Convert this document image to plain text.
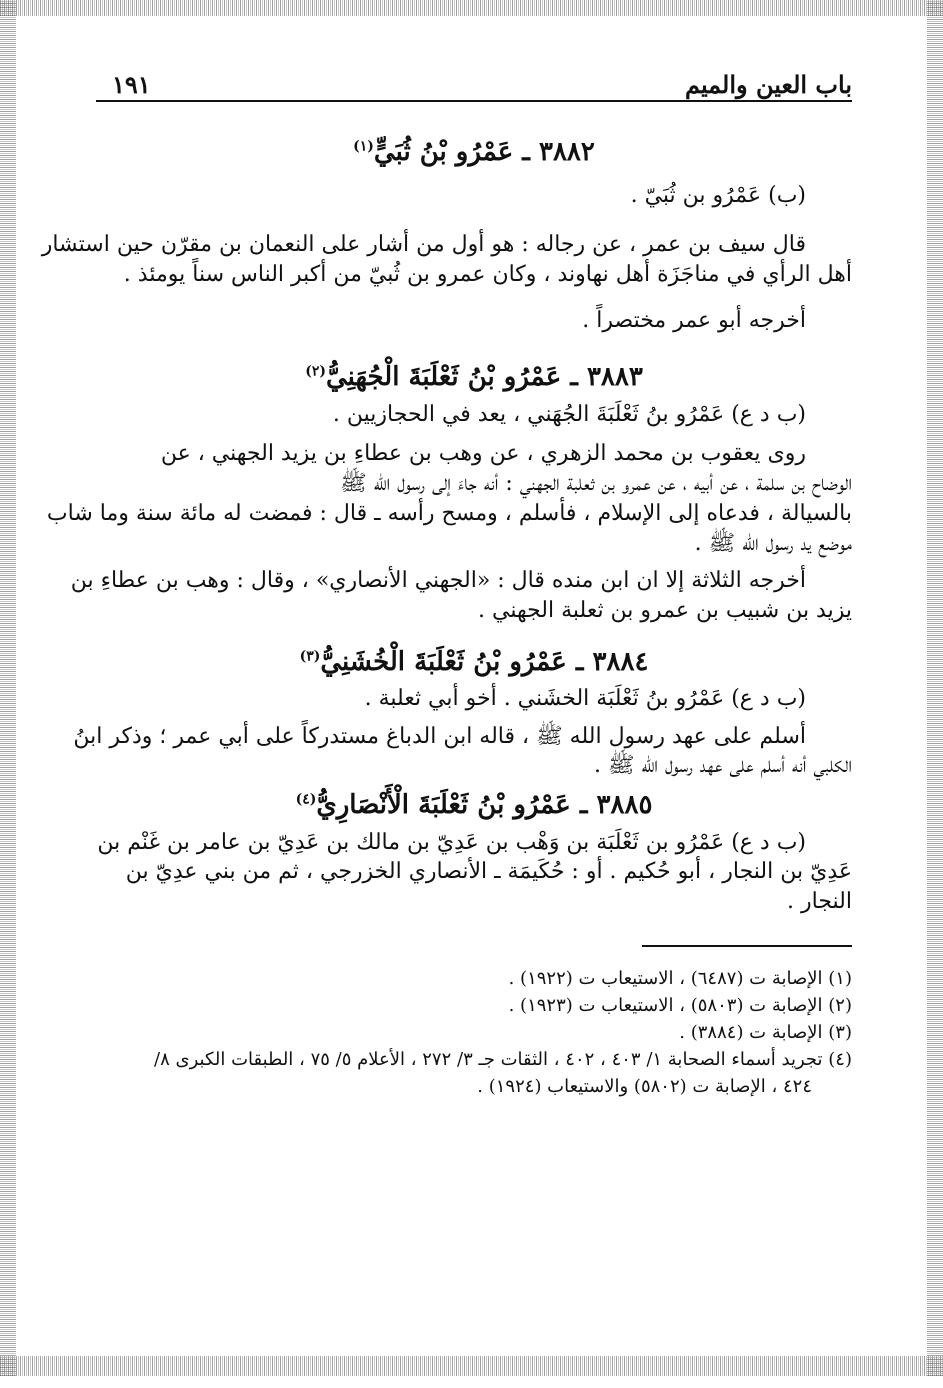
باب العين والميم
١٩١
٣٨٨٢ ـ عَمْرُو بْنُ ثُبَيٍّ$^{(١)}$
(ب) عَمْرُو بن ثُبَيّ .
قال سيف بن عمر ، عن رجاله : هو أول من أشار على النعمان بن مقرّن حين استشار
أهل الرأي في مناجَزَة أهل نهاوند ، وكان عمرو بن ثُبيّ من أكبر الناس سناً يومئذ .
أخرجه أبو عمر مختصراً .
٣٨٨٣ ـ عَمْرُو بْنُ ثَعْلَبَةَ الْجُهَنِيُّ$^{(٢)}$
(ب د ع) عَمْرُو بنُ ثَعْلَبَةَ الجُهَني ، يعد في الحجازيين .
روى يعقوب بن محمد الزهري ، عن وهب بن عطاءِ بن يزيد الجهني ، عن
الوضاح بن سلمة ، عن أبيه ، عن عمرو بن ثعلبة الجهني : أنه جاءَ إلى رسول الله ﷺ
بالسيالة ، فدعاه إلى الإسلام ، فأسلم ، ومسح رأسه ـ قال : فمضت له مائة سنة وما شاب
موضع يد رسول الله ﷺ .
أخرجه الثلاثة إلا ان ابن منده قال : «الجهني الأنصاري» ، وقال : وهب بن عطاءِ بن
يزيد بن شبيب بن عمرو بن ثعلبة الجهني .
٣٨٨٤ ـ عَمْرُو بْنُ ثَعْلَبَةَ الْخُشَنِيُّ$^{(٣)}$
(ب د ع) عَمْرُو بنُ ثَعْلَبَة الخشَني . أخو أبي ثعلبة .
أسلم على عهد رسول الله ﷺ ، قاله ابن الدباغ مستدركاً على أبي عمر ؛ وذكر ابنُ
الكلبي أنه أسلم على عهد رسول الله ﷺ .
٣٨٨٥ ـ عَمْرُو بْنُ ثَعْلَبَةَ الْأَنْصَارِيُّ$^{(٤)}$
(ب د ع) عَمْرُو بن ثَعْلَبَة بن وَهْب بن عَدِيّ بن مالك بن عَدِيّ بن عامر بن غَنْم بن
عَدِيّ بن النجار ، أبو حُكيم . أو : حُكَيمَة ـ الأنصاري الخزرجي ، ثم من بني عدِيّ بن
النجار .
(١) الإصابة ت (٦٤٨٧) ، الاستيعاب ت (١٩٢٢) .
(٢) الإصابة ت (٥٨٠٣) ، الاستيعاب ت (١٩٢٣) .
(٣) الإصابة ت (٣٨٨٤) .
(٤) تجريد أسماء الصحابة ١/ ٤٠٣ ، ٤٠٢ ، الثقات جـ ٣/ ٢٧٢ ، الأعلام ٥/ ٧٥ ، الطبقات الكبرى ٨/
٤٢٤ ، الإصابة ت (٥٨٠٢) والاستيعاب (١٩٢٤) .
